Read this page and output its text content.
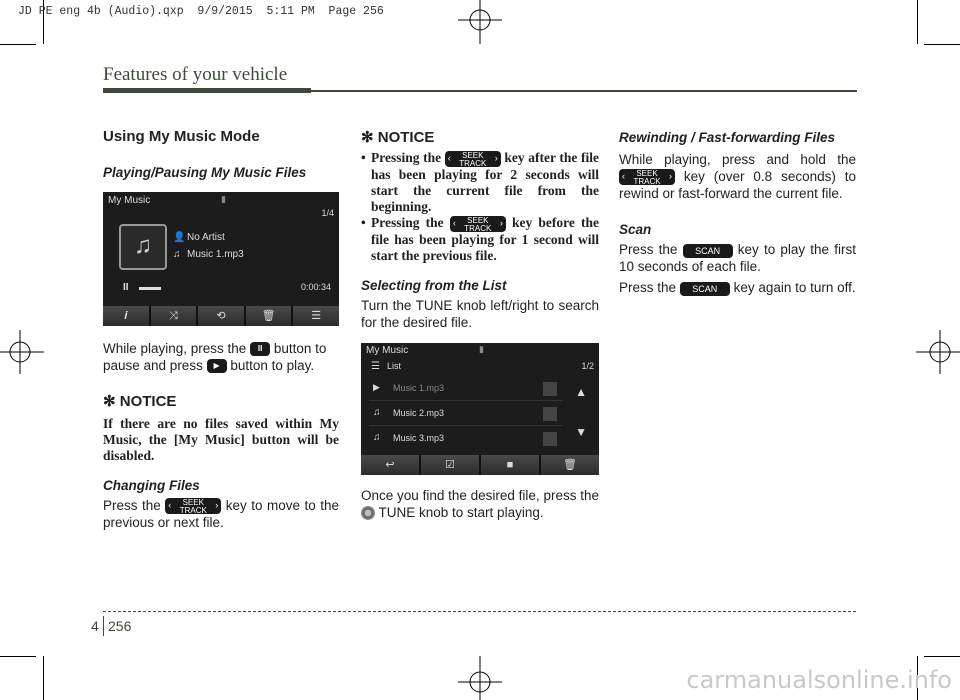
JD PE eng 4b (Audio).qxp  9/9/2015  5:11 PM  Page 256
Features of your vehicle
Using My Music Mode
Playing/Pausing My Music Files
My Music	▮
1/4
♫	👤 No Artist
♫ Music 1.mp3
II	0:00:34
𝒊	⤨	⟲	🗑	☰

While playing, press the II button to pause and press ▶ button to play.

✻ NOTICE

If there are no files saved within My Music, the [My Music] button will be disabled.

Changing Files

Press the ‹ SEEK
TRACK
› key to move to the previous or next file.

✻ NOTICE
• Pressing the ‹ SEEK
TRACK
› key after the file has been playing for 2 seconds will start the current file from the beginning.
• Pressing the ‹ SEEK
TRACK
› key before the file has been playing for 1 second will start the previous file.
Selecting from the List

Turn the TUNE knob left/right to search for the desired file.

My Music	▮
☰ List	1/2
▶ Music 1.mp3
♫ Music 2.mp3
♫ Music 3.mp3
▲
▼
↩	☑	■	🗑

Once you find the desired file, press the  TUNE knob to start playing.

Rewinding / Fast-forwarding Files

While playing, press and hold the
‹ SEEK
TRACK
› key (over 0.8 seconds) to rewind or fast-forward the current file.

Scan

Press the SCAN key to play the first 10 seconds of each file.

Press the SCAN key again to turn off.

4 256
carmanualsonline.info
